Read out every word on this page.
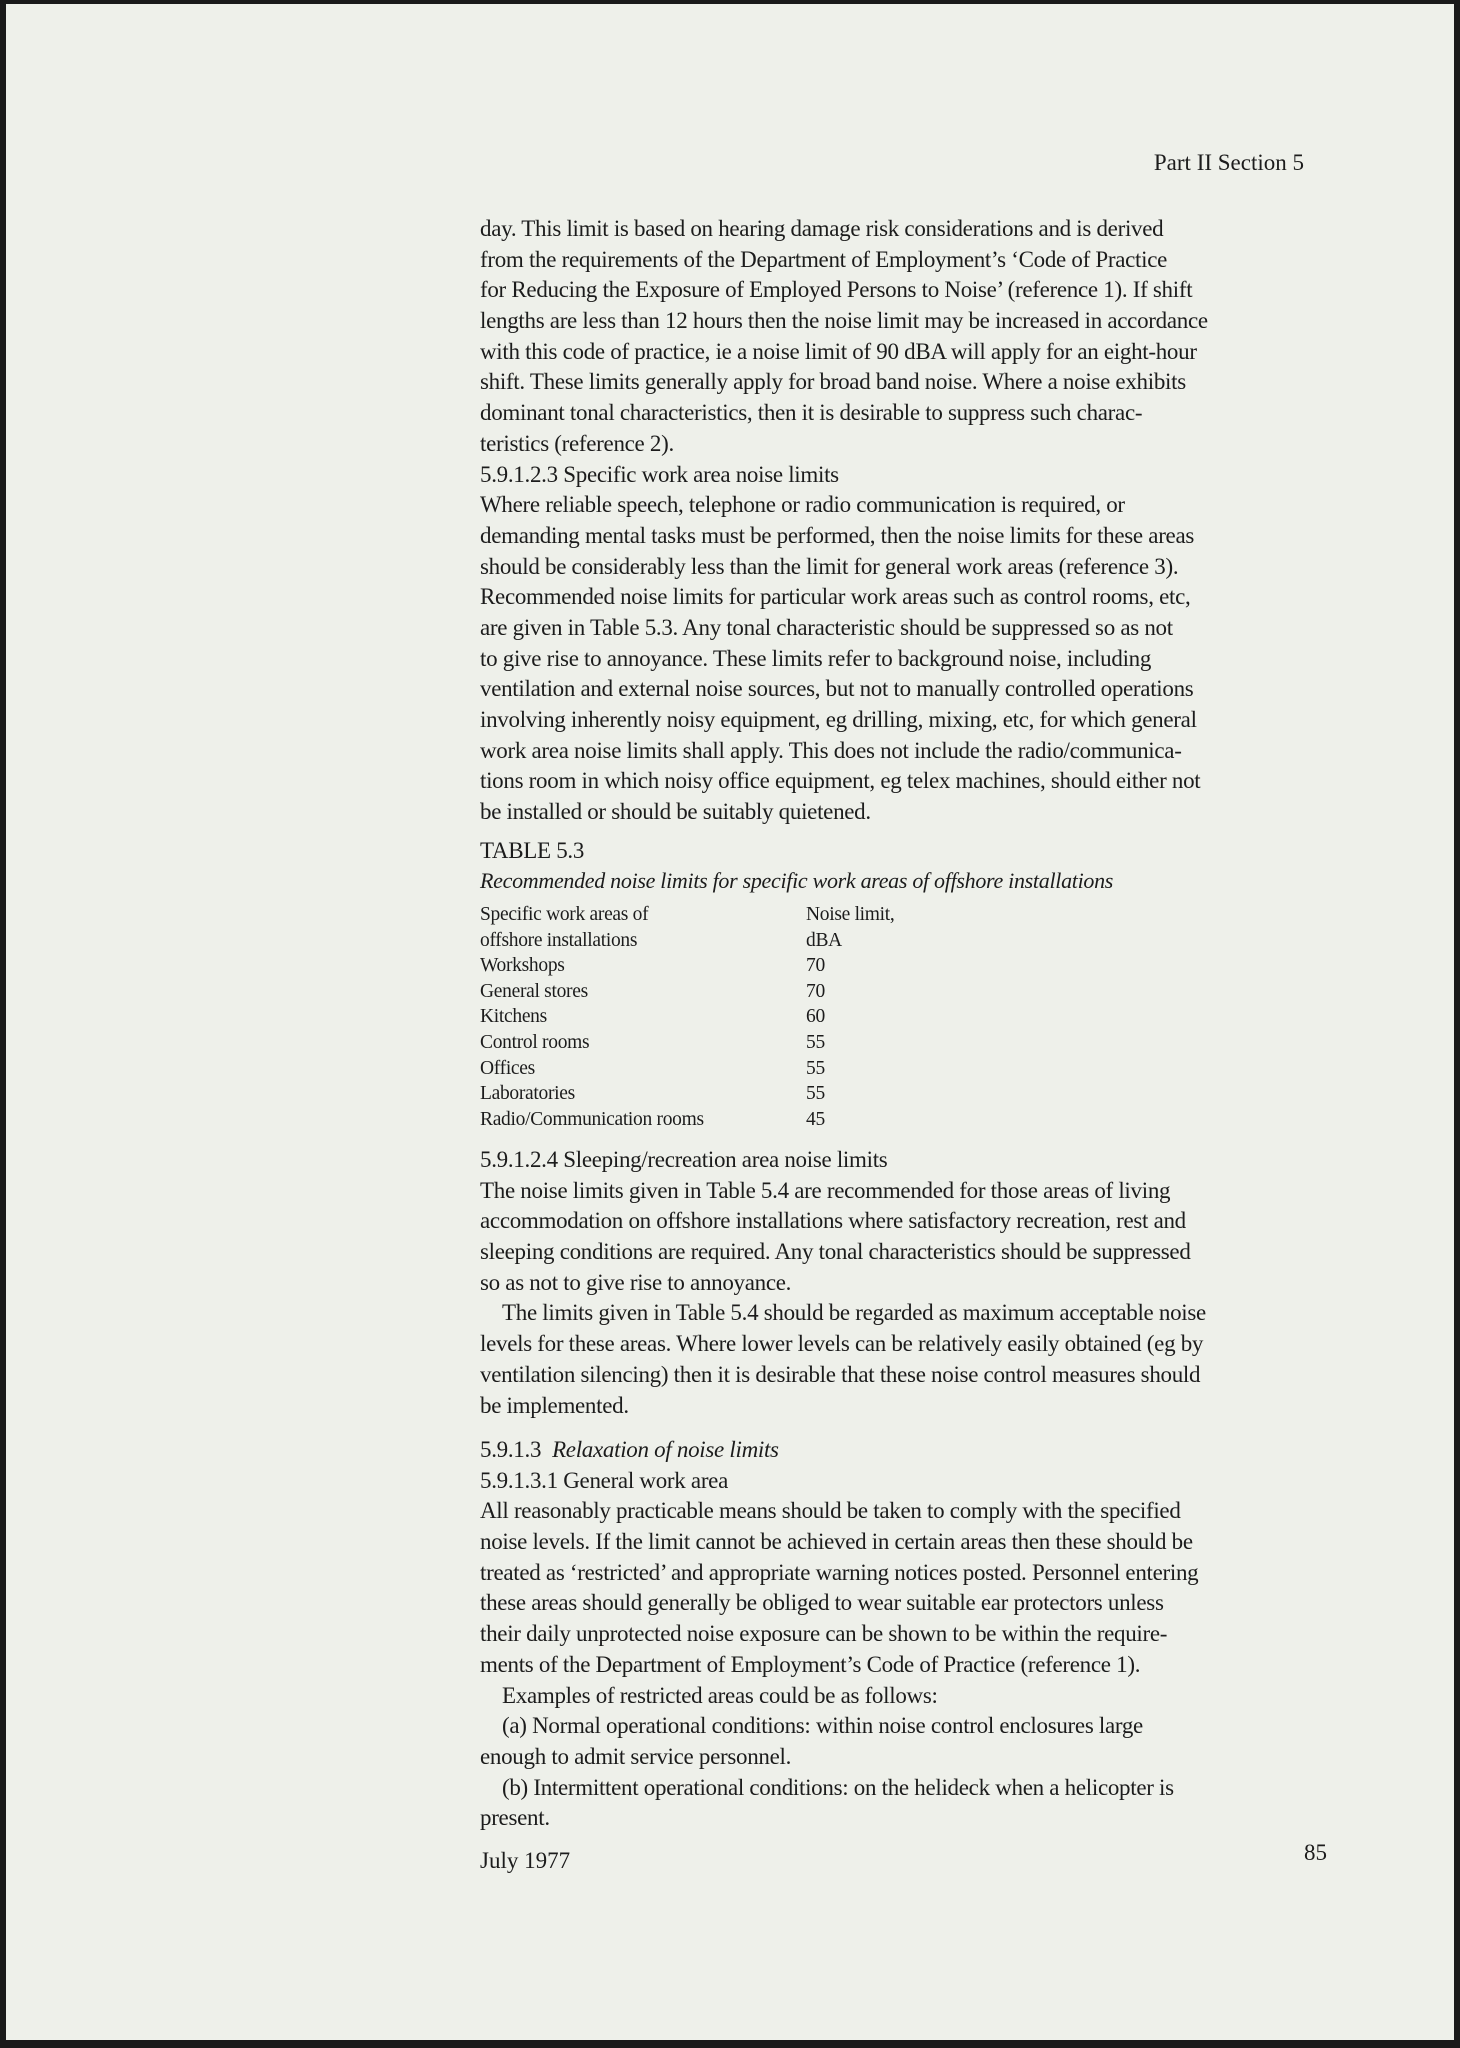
Part II Section 5
day. This limit is based on hearing damage risk considerations and is derived
from the requirements of the Department of Employment’s ‘Code of Practice
for Reducing the Exposure of Employed Persons to Noise’ (reference 1). If shift
lengths are less than 12 hours then the noise limit may be increased in accordance
with this code of practice, ie a noise limit of 90 dBA will apply for an eight-hour
shift. These limits generally apply for broad band noise. Where a noise exhibits
dominant tonal characteristics, then it is desirable to suppress such charac-
teristics (reference 2).
5.9.1.2.3 Specific work area noise limits
Where reliable speech, telephone or radio communication is required, or
demanding mental tasks must be performed, then the noise limits for these areas
should be considerably less than the limit for general work areas (reference 3).
Recommended noise limits for particular work areas such as control rooms, etc,
are given in Table 5.3. Any tonal characteristic should be suppressed so as not
to give rise to annoyance. These limits refer to background noise, including
ventilation and external noise sources, but not to manually controlled operations
involving inherently noisy equipment, eg drilling, mixing, etc, for which general
work area noise limits shall apply. This does not include the radio/communica-
tions room in which noisy office equipment, eg telex machines, should either not
be installed or should be suitably quietened.
TABLE 5.3
Recommended noise limits for specific work areas of offshore installations
Specific work areas of	Noise limit,
offshore installations	dBA
Workshops	70
General stores	70
Kitchens	60
Control rooms	55
Offices	55
Laboratories	55
Radio/Communication rooms	45
5.9.1.2.4 Sleeping/recreation area noise limits
The noise limits given in Table 5.4 are recommended for those areas of living
accommodation on offshore installations where satisfactory recreation, rest and
sleeping conditions are required. Any tonal characteristics should be suppressed
so as not to give rise to annoyance.
The limits given in Table 5.4 should be regarded as maximum acceptable noise
levels for these areas. Where lower levels can be relatively easily obtained (eg by
ventilation silencing) then it is desirable that these noise control measures should
be implemented.
5.9.1.3 Relaxation of noise limits
5.9.1.3.1 General work area
All reasonably practicable means should be taken to comply with the specified
noise levels. If the limit cannot be achieved in certain areas then these should be
treated as ‘restricted’ and appropriate warning notices posted. Personnel entering
these areas should generally be obliged to wear suitable ear protectors unless
their daily unprotected noise exposure can be shown to be within the require-
ments of the Department of Employment’s Code of Practice (reference 1).
Examples of restricted areas could be as follows:
(a) Normal operational conditions: within noise control enclosures large
enough to admit service personnel.
(b) Intermittent operational conditions: on the helideck when a helicopter is
present.
July 1977	85
